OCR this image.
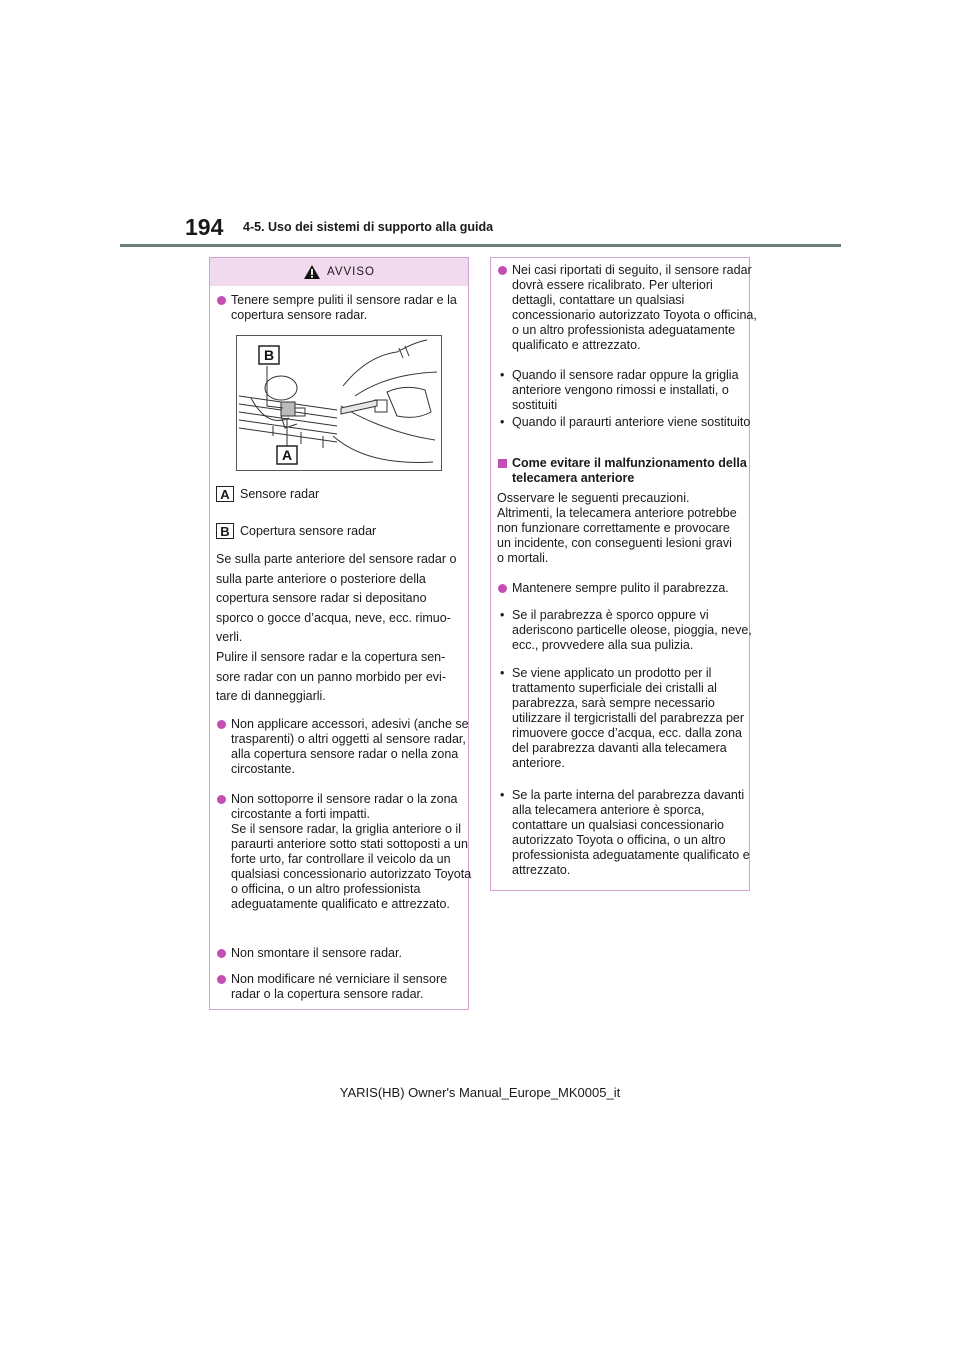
194 4-5. Uso dei sistemi di supporto alla guida
AVVISO
Tenere sempre puliti il sensore radar e la copertura sensore radar.
A Sensore radar
B Copertura sensore radar
Se sulla parte anteriore del sensore radar o sulla parte anteriore o posteriore della copertura sensore radar si depositano sporco o gocce d’acqua, neve, ecc. rimuoverli.
Pulire il sensore radar e la copertura sensore radar con un panno morbido per evitare di danneggiarli.
Non applicare accessori, adesivi (anche se trasparenti) o altri oggetti al sensore radar, alla copertura sensore radar o nella zona circostante.
Non sottoporre il sensore radar o la zona circostante a forti impatti.
Se il sensore radar, la griglia anteriore o il paraurti anteriore sotto stati sottoposti a un forte urto, far controllare il veicolo da un qualsiasi concessionario autorizzato Toyota o officina, o un altro professionista adeguatamente qualificato e attrezzato.
Non smontare il sensore radar.
Non modificare né verniciare il sensore radar o la copertura sensore radar.
B
A
Nei casi riportati di seguito, il sensore radar dovrà essere ricalibrato. Per ulteriori dettagli, contattare un qualsiasi concessionario autorizzato Toyota o officina, o un altro professionista adeguatamente qualificato e attrezzato.
• Quando il sensore radar oppure la griglia anteriore vengono rimossi e installati, o sostituiti
• Quando il paraurti anteriore viene sostituito
Come evitare il malfunzionamento della telecamera anteriore
Osservare le seguenti precauzioni. Altrimenti, la telecamera anteriore potrebbe non funzionare correttamente e provocare un incidente, con conseguenti lesioni gravi o mortali.
Mantenere sempre pulito il parabrezza.
• Se il parabrezza è sporco oppure vi aderiscono particelle oleose, pioggia, neve, ecc., provvedere alla sua pulizia.
• Se viene applicato un prodotto per il trattamento superficiale dei cristalli al parabrezza, sarà sempre necessario utilizzare il tergicristalli del parabrezza per rimuovere gocce d’acqua, ecc. dalla zona del parabrezza davanti alla telecamera anteriore.
• Se la parte interna del parabrezza davanti alla telecamera anteriore è sporca, contattare un qualsiasi concessionario autorizzato Toyota o officina, o un altro professionista adeguatamente qualificato e attrezzato.
YARIS(HB) Owner's Manual_Europe_MK0005_it
